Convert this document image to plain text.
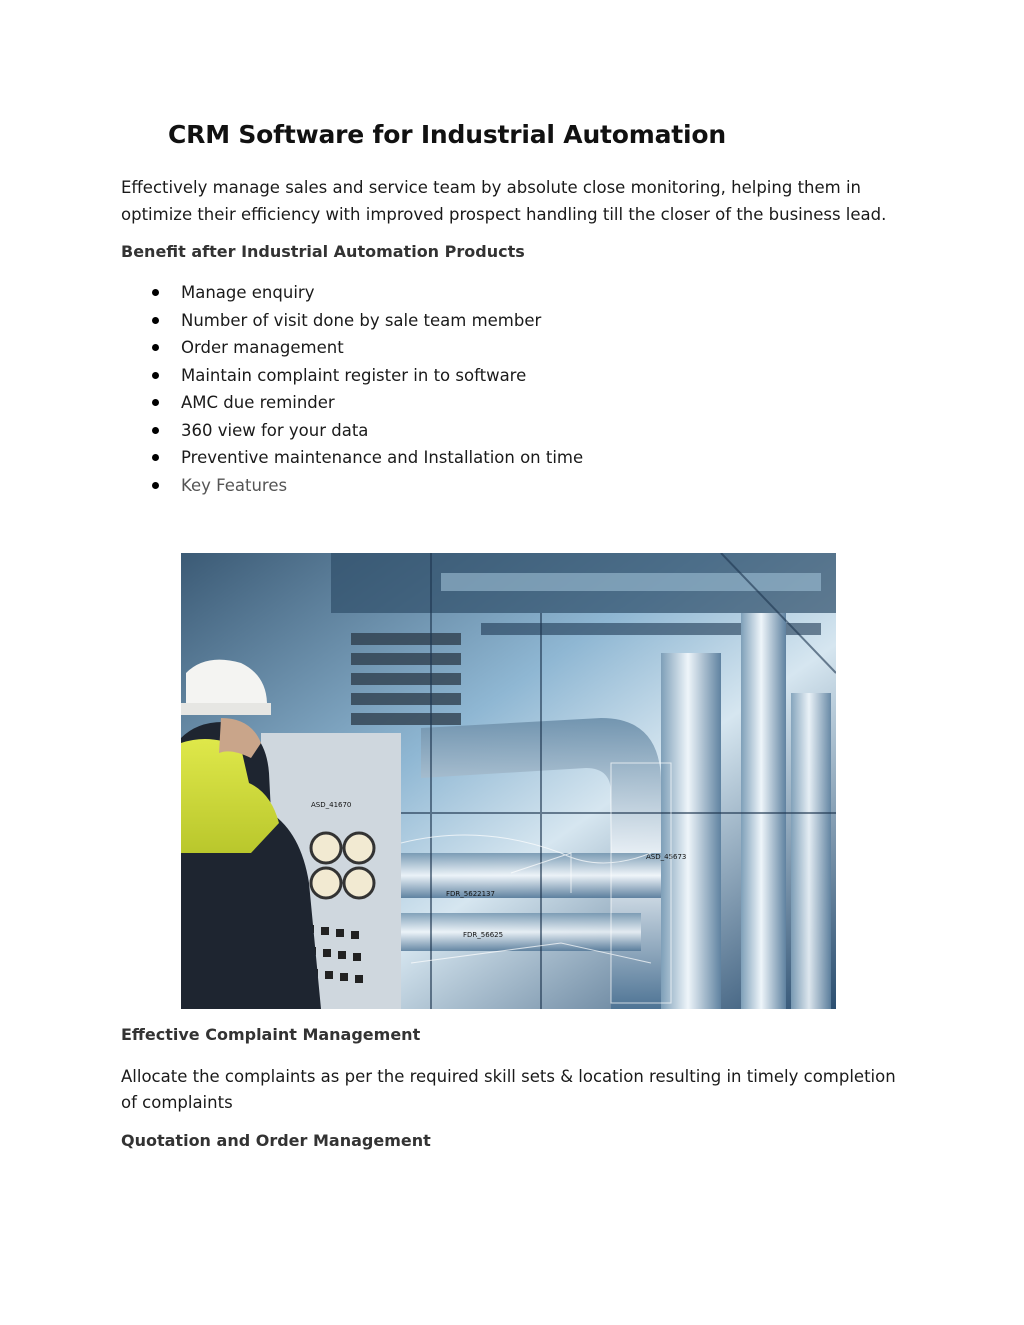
CRM Software for Industrial Automation
Effectively manage sales and service team by absolute close monitoring, helping them in optimize their efficiency with improved prospect handling till the closer of the business lead.
Benefit after Industrial Automation Products
Manage enquiry
Number of visit done by sale team member
Order management
Maintain complaint register in to software
AMC due reminder
360 view for your data
Preventive maintenance and Installation on time
Key Features
ASD_41670
ASD_45673
FDR_5622137
FDR_56625
Effective Complaint Management
Allocate the complaints as per the required skill sets & location resulting in timely completion of complaints
Quotation and Order Management
